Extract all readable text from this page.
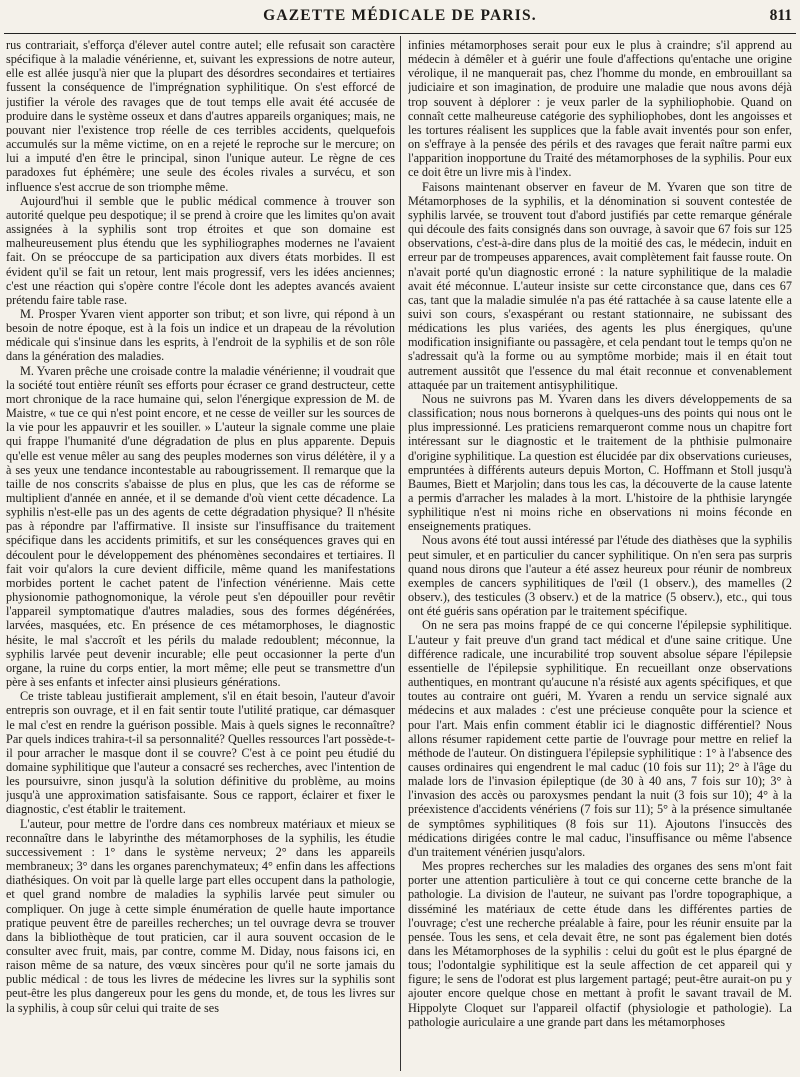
GAZETTE MÉDICALE DE PARIS.	811

rus contrariait, s'efforça d'élever autel contre autel; elle refusait son caractère spécifique à la maladie vénérienne, et, suivant les expressions de notre auteur, elle est allée jusqu'à nier que la plupart des désordres secondaires et tertiaires fussent la conséquence de l'imprégnation syphilitique. On s'est efforcé de justifier la vérole des ravages que de tout temps elle avait été accusée de produire dans le système osseux et dans d'autres appareils organiques; mais, ne pouvant nier l'existence trop réelle de ces terribles accidents, quelquefois accumulés sur la même victime, on en a rejeté le reproche sur le mercure; on lui a imputé d'en être le principal, sinon l'unique auteur. Le règne de ces paradoxes fut éphémère; une seule des écoles rivales a survécu, et son influence s'est accrue de son triomphe même.

Aujourd'hui il semble que le public médical commence à trouver son autorité quelque peu despotique; il se prend à croire que les limites qu'on avait assignées à la syphilis sont trop étroites et que son domaine est malheureusement plus étendu que les syphiliographes modernes ne l'avaient fait. On se préoccupe de sa participation aux divers états morbides. Il est évident qu'il se fait un retour, lent mais progressif, vers les idées anciennes; c'est une réaction qui s'opère contre l'école dont les adeptes avancés avaient prétendu faire table rase.

M. Prosper Yvaren vient apporter son tribut; et son livre, qui répond à un besoin de notre époque, est à la fois un indice et un drapeau de la révolution médicale qui s'insinue dans les esprits, à l'endroit de la syphilis et de son rôle dans la génération des maladies.

M. Yvaren prêche une croisade contre la maladie vénérienne; il voudrait que la société tout entière réunît ses efforts pour écraser ce grand destructeur, cette mort chronique de la race humaine qui, selon l'énergique expression de M. de Maistre, « tue ce qui n'est point encore, et ne cesse de veiller sur les sources de la vie pour les appauvrir et les souiller. » L'auteur la signale comme une plaie qui frappe l'humanité d'une dégradation de plus en plus apparente. Depuis qu'elle est venue mêler au sang des peuples modernes son virus délétère, il y a à ses yeux une tendance incontestable au rabougrissement. Il remarque que la taille de nos conscrits s'abaisse de plus en plus, que les cas de réforme se multiplient d'année en année, et il se demande d'où vient cette décadence. La syphilis n'est-elle pas un des agents de cette dégradation physique? Il n'hésite pas à répondre par l'affirmative. Il insiste sur l'insuffisance du traitement spécifique dans les accidents primitifs, et sur les conséquences graves qui en découlent pour le développement des phénomènes secondaires et tertiaires. Il fait voir qu'alors la cure devient difficile, même quand les manifestations morbides portent le cachet patent de l'infection vénérienne. Mais cette physionomie pathognomonique, la vérole peut s'en dépouiller pour revêtir l'appareil symptomatique d'autres maladies, sous des formes dégénérées, larvées, masquées, etc. En présence de ces métamorphoses, le diagnostic hésite, le mal s'accroît et les périls du malade redoublent; méconnue, la syphilis larvée peut devenir incurable; elle peut occasionner la perte d'un organe, la ruine du corps entier, la mort même; elle peut se transmettre d'un père à ses enfants et infecter ainsi plusieurs générations.

Ce triste tableau justifierait amplement, s'il en était besoin, l'auteur d'avoir entrepris son ouvrage, et il en fait sentir toute l'utilité pratique, car démasquer le mal c'est en rendre la guérison possible. Mais à quels signes le reconnaître? Par quels indices trahira-t-il sa personnalité? Quelles ressources l'art possède-t-il pour arracher le masque dont il se couvre? C'est à ce point peu étudié du domaine syphilitique que l'auteur a consacré ses recherches, avec l'intention de les poursuivre, sinon jusqu'à la solution définitive du problème, au moins jusqu'à une approximation satisfaisante. Sous ce rapport, éclairer et fixer le diagnostic, c'est établir le traitement.

L'auteur, pour mettre de l'ordre dans ces nombreux matériaux et mieux se reconnaître dans le labyrinthe des métamorphoses de la syphilis, les étudie successivement : 1° dans le système nerveux; 2° dans les appareils membraneux; 3° dans les organes parenchymateux; 4° enfin dans les affections diathésiques. On voit par là quelle large part elles occupent dans la pathologie, et quel grand nombre de maladies la syphilis larvée peut simuler ou compliquer. On juge à cette simple énumération de quelle haute importance pratique peuvent être de pareilles recherches; un tel ouvrage devra se trouver dans la bibliothèque de tout praticien, car il aura souvent occasion de le consulter avec fruit, mais, par contre, comme M. Diday, nous faisons ici, en raison même de sa nature, des vœux sincères pour qu'il ne sorte jamais du public médical : de tous les livres de médecine les livres sur la syphilis sont peut-être les plus dangereux pour les gens du monde, et, de tous les livres sur la syphilis, à coup sûr celui qui traite de ses

infinies métamorphoses serait pour eux le plus à craindre; s'il apprend au médecin à démêler et à guérir une foule d'affections qu'entache une origine vérolique, il ne manquerait pas, chez l'homme du monde, en embrouillant sa judiciaire et son imagination, de produire une maladie que nous avons déjà trop souvent à déplorer : je veux parler de la syphiliophobie. Quand on connaît cette malheureuse catégorie des syphiliophobes, dont les angoisses et les tortures réalisent les supplices que la fable avait inventés pour son enfer, on s'effraye à la pensée des périls et des ravages que ferait naître parmi eux l'apparition inopportune du Traité des métamorphoses de la syphilis. Pour eux ce doit être un livre mis à l'index.

Faisons maintenant observer en faveur de M. Yvaren que son titre de Métamorphoses de la syphilis, et la dénomination si souvent contestée de syphilis larvée, se trouvent tout d'abord justifiés par cette remarque générale qui découle des faits consignés dans son ouvrage, à savoir que 67 fois sur 125 observations, c'est-à-dire dans plus de la moitié des cas, le médecin, induit en erreur par de trompeuses apparences, avait complètement fait fausse route. On n'avait porté qu'un diagnostic erroné : la nature syphilitique de la maladie avait été méconnue. L'auteur insiste sur cette circonstance que, dans ces 67 cas, tant que la maladie simulée n'a pas été rattachée à sa cause latente elle a suivi son cours, s'exaspérant ou restant stationnaire, ne subissant des médications les plus variées, des agents les plus énergiques, qu'une modification insignifiante ou passagère, et cela pendant tout le temps qu'on ne s'adressait qu'à la forme ou au symptôme morbide; mais il en était tout autrement aussitôt que l'essence du mal était reconnue et convenablement attaquée par un traitement antisyphilitique.

Nous ne suivrons pas M. Yvaren dans les divers développements de sa classification; nous nous bornerons à quelques-uns des points qui nous ont le plus impressionné. Les praticiens remarqueront comme nous un chapitre fort intéressant sur le diagnostic et le traitement de la phthisie pulmonaire d'origine syphilitique. La question est élucidée par dix observations curieuses, empruntées à différents auteurs depuis Morton, C. Hoffmann et Stoll jusqu'à Baumes, Biett et Marjolin; dans tous les cas, la découverte de la cause latente a permis d'arracher les malades à la mort. L'histoire de la phthisie laryngée syphilitique n'est ni moins riche en observations ni moins féconde en enseignements pratiques.

Nous avons été tout aussi intéressé par l'étude des diathèses que la syphilis peut simuler, et en particulier du cancer syphilitique. On n'en sera pas surpris quand nous dirons que l'auteur a été assez heureux pour réunir de nombreux exemples de cancers syphilitiques de l'œil (1 observ.), des mamelles (2 observ.), des testicules (3 observ.) et de la matrice (5 observ.), etc., qui tous ont été guéris sans opération par le traitement spécifique.

On ne sera pas moins frappé de ce qui concerne l'épilepsie syphilitique. L'auteur y fait preuve d'un grand tact médical et d'une saine critique. Une différence radicale, une incurabilité trop souvent absolue sépare l'épilepsie essentielle de l'épilepsie syphilitique. En recueillant onze observations authentiques, en montrant qu'aucune n'a résisté aux agents spécifiques, et que toutes au contraire ont guéri, M. Yvaren a rendu un service signalé aux médecins et aux malades : c'est une précieuse conquête pour la science et pour l'art. Mais enfin comment établir ici le diagnostic différentiel? Nous allons résumer rapidement cette partie de l'ouvrage pour mettre en relief la méthode de l'auteur. On distinguera l'épilepsie syphilitique : 1° à l'absence des causes ordinaires qui engendrent le mal caduc (10 fois sur 11); 2° à l'âge du malade lors de l'invasion épileptique (de 30 à 40 ans, 7 fois sur 10); 3° à l'invasion des accès ou paroxysmes pendant la nuit (3 fois sur 10); 4° à la préexistence d'accidents vénériens (7 fois sur 11); 5° à la présence simultanée de symptômes syphilitiques (8 fois sur 11). Ajoutons l'insuccès des médications dirigées contre le mal caduc, l'insuffisance ou même l'absence d'un traitement vénérien jusqu'alors.

Mes propres recherches sur les maladies des organes des sens m'ont fait porter une attention particulière à tout ce qui concerne cette branche de la pathologie. La division de l'auteur, ne suivant pas l'ordre topographique, a disséminé les matériaux de cette étude dans les différentes parties de l'ouvrage; c'est une recherche préalable à faire, pour les réunir ensuite par la pensée. Tous les sens, et cela devait être, ne sont pas également bien dotés dans les Métamorphoses de la syphilis : celui du goût est le plus épargné de tous; l'odontalgie syphilitique est la seule affection de cet appareil qui y figure; le sens de l'odorat est plus largement partagé; peut-être aurait-on pu y ajouter encore quelque chose en mettant à profit le savant travail de M. Hippolyte Cloquet sur l'appareil olfactif (physiologie et pathologie). La pathologie auriculaire a une grande part dans les métamorphoses
